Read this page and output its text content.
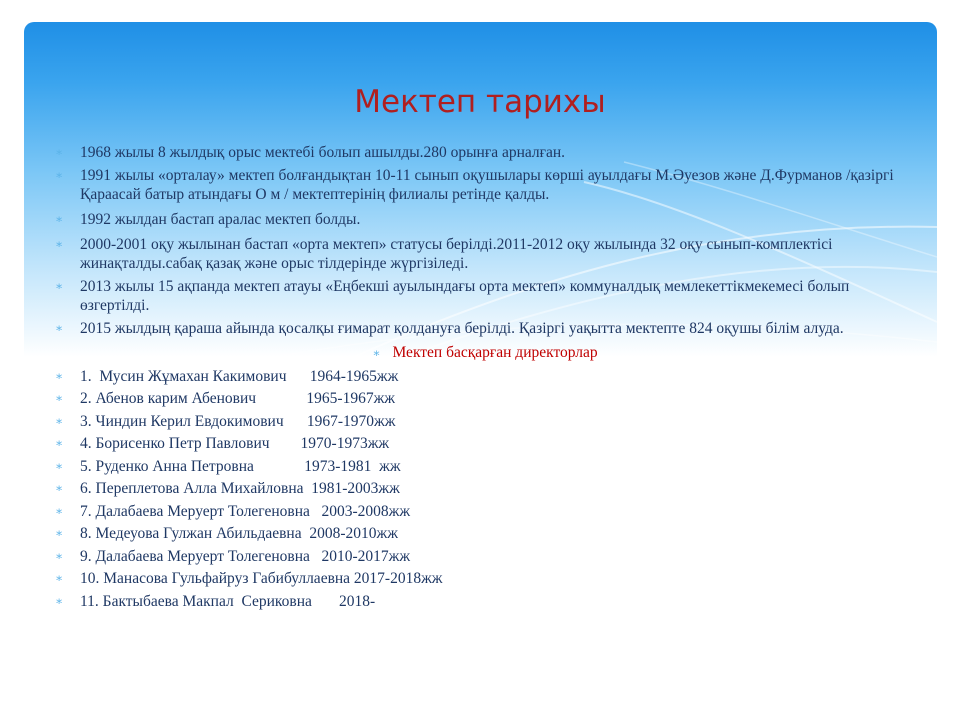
Мектеп тарихы
∗ 1968 жылы 8 жылдық орыс мектебі болып ашылды.280 орынға арналған.
∗ 1991 жылы «орталау» мектеп болғандықтан 10-11 сынып оқушылары көрші ауылдағы М.Әуезов және Д.Фурманов /қазіргі Қараасай батыр атындағы О м / мектептерінің филиалы ретінде қалды.
∗ 1992 жылдан бастап аралас мектеп болды.
∗ 2000-2001 оқу жылынан бастап «орта мектеп» статусы берілді.2011-2012 оқу жылында 32 оқу сынып-комплектісі жинақталды.сабақ қазақ және орыс тілдерінде жүргізіледі.
∗ 2013 жылы 15 ақпанда мектеп атауы «Еңбекші ауылындағы орта мектеп» коммуналдық мемлекеттікмекемесі болып өзгертілді.
∗ 2015 жылдың қараша айында қосалқы ғимарат қолдануға берілді. Қазіргі уақытта мектепте 824 оқушы білім алуда.
∗ Мектеп басқарған директорлар
∗ 1.  Мусин Жұмахан Какимович      1964-1965жж
∗ 2. Абенов карим Абенович             1965-1967жж
∗ 3. Чиндин Керил Евдокимович      1967-1970жж
∗ 4. Борисенко Петр Павлович        1970-1973жж
∗ 5. Руденко Анна Петровна             1973-1981  жж
∗ 6. Переплетова Алла Михайловна  1981-2003жж
∗ 7. Далабаева Меруерт Толегеновна   2003-2008жж
∗ 8. Медеуова Гулжан Абильдаевна  2008-2010жж
∗ 9. Далабаева Меруерт Толегеновна   2010-2017жж
∗ 10. Манасова Гульфайруз Габибуллаевна 2017-2018жж
∗ 11. Бактыбаева Макпал  Сериковна       2018-
